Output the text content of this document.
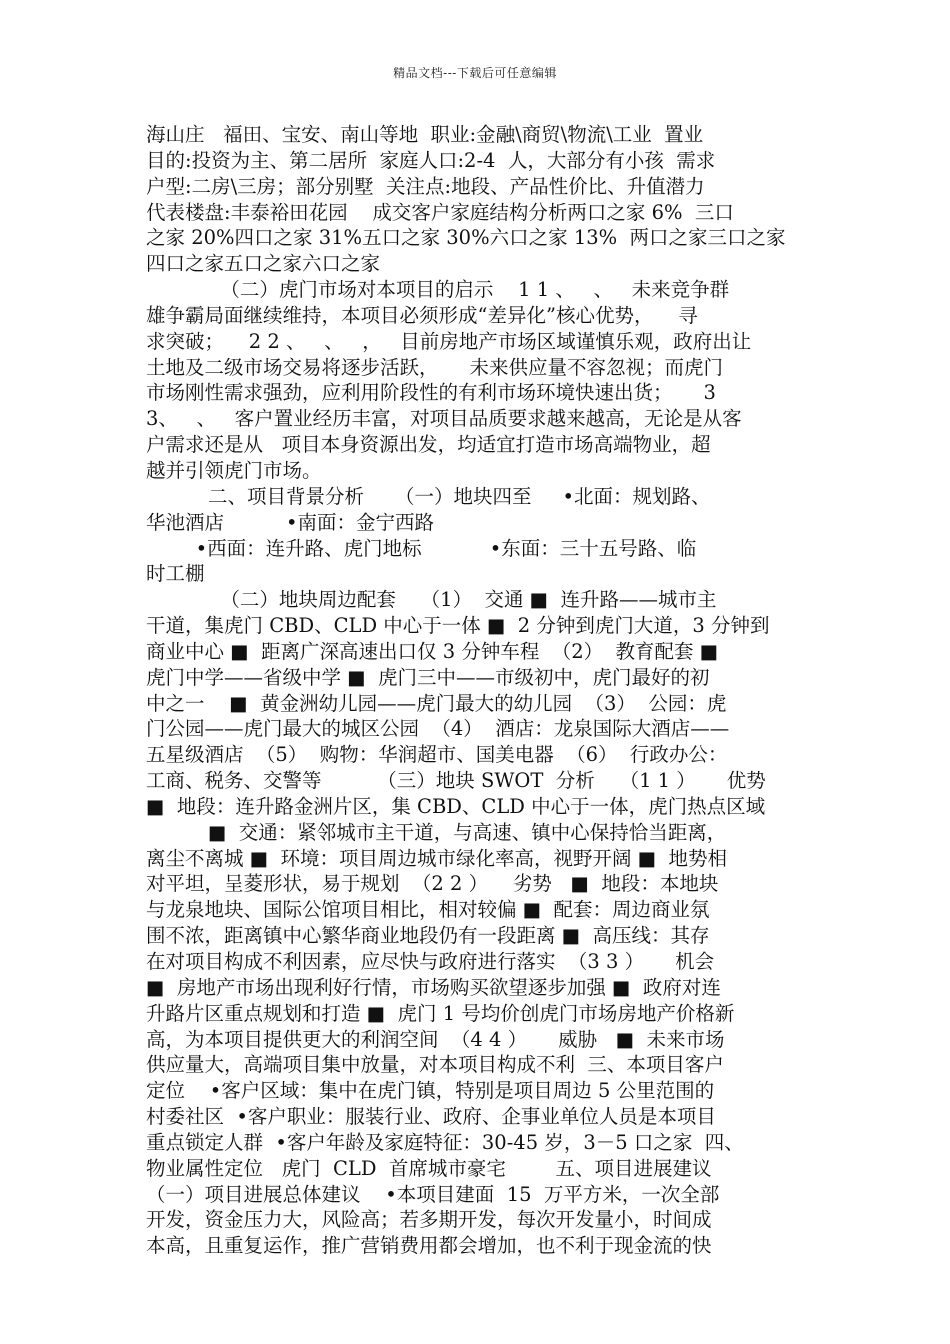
精品文档---下载后可任意编辑
海山庄   福田、宝安、南山等地  职业:金融\商贸\物流\工业  置业
目的:投资为主、第二居所  家庭人口:2-4  人，大部分有小孩  需求
户型:二房\三房；部分别墅  关注点:地段、产品性价比、升值潜力
代表楼盘:丰泰裕田花园    成交客户家庭结构分析两口之家 6%  三口
之家 20%四口之家 31%五口之家 30%六口之家 13%  两口之家三口之家
四口之家五口之家六口之家
（二）虎门市场对本项目的启示    1 1 、   、   未来竞争群
雄争霸局面继续维持，本项目必须形成“差异化”核心优势，    寻
求突破；    2 2 、   、   ，   目前房地产市场区域谨慎乐观，政府出让
土地及二级市场交易将逐步活跃，     未来供应量不容忽视；而虎门
市场刚性需求强劲，应利用阶段性的有利市场环境快速出货；     3
3、   、   客户置业经历丰富，对项目品质要求越来越高，无论是从客
户需求还是从   项目本身资源出发，均适宜打造市场高端物业，超
越并引领虎门市场。
二、项目背景分析     （一）地块四至     •北面：规划路、
华池酒店          •南面：金宁西路
•西面：连升路、虎门地标           •东面：三十五号路、临
时工棚
（二）地块周边配套    （1）  交通 ■  连升路——城市主
干道，集虎门 CBD、CLD 中心于一体 ■  2 分钟到虎门大道，3 分钟到
商业中心 ■  距离广深高速出口仅 3 分钟车程  （2）  教育配套 ■
虎门中学——省级中学 ■  虎门三中——市级初中，虎门最好的初
中之一    ■  黄金洲幼儿园——虎门最大的幼儿园  （3）  公园：虎
门公园——虎门最大的城区公园  （4）  酒店：龙泉国际大酒店——
五星级酒店  （5）  购物：华润超市、国美电器  （6）  行政办公：
工商、税务、交警等         （三）地块 SWOT  分析    （1 1 ）     优势
■  地段：连升路金洲片区，集 CBD、CLD 中心于一体，虎门热点区域
■  交通：紧邻城市主干道，与高速、镇中心保持恰当距离，
离尘不离城 ■  环境：项目周边城市绿化率高，视野开阔 ■  地势相
对平坦，呈菱形状，易于规划  （2 2 ）    劣势   ■  地段：本地块
与龙泉地块、国际公馆项目相比，相对较偏 ■  配套：周边商业氛
围不浓，距离镇中心繁华商业地段仍有一段距离 ■  高压线：其存
在对项目构成不利因素，应尽快与政府进行落实  （3 3 ）     机会
■  房地产市场出现利好行情，市场购买欲望逐步加强 ■  政府对连
升路片区重点规划和打造 ■  虎门 1 号均价创虎门市场房地产价格新
高，为本项目提供更大的利润空间  （4 4 ）     威胁   ■  未来市场
供应量大，高端项目集中放量，对本项目构成不利  三、本项目客户
定位    •客户区域：集中在虎门镇，特别是项目周边 5 公里范围的
村委社区  •客户职业：服装行业、政府、企事业单位人员是本项目
重点锁定人群  •客户年龄及家庭特征：30-45 岁，3－5 口之家  四、
物业属性定位   虎门  CLD  首席城市豪宅        五、项目进展建议
（一）项目进展总体建议    •本项目建面  15  万平方米，一次全部
开发，资金压力大，风险高；若多期开发，每次开发量小，时间成
本高，且重复运作，推广营销费用都会增加，也不利于现金流的快
